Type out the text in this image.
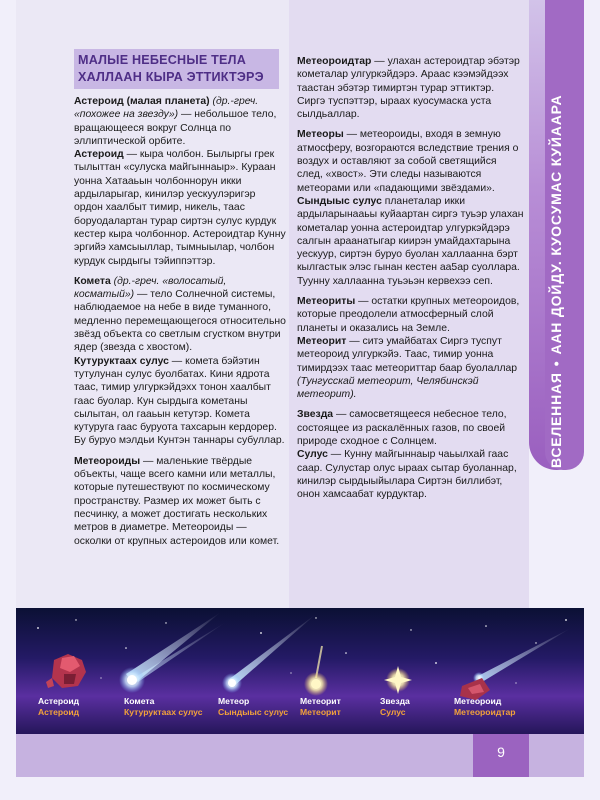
ВСЕЛЕННАЯ•ААН ДОЙДУ. КУОСУМАС КУЙААРА
МАЛЫЕ НЕБЕСНЫЕ ТЕЛА
ХАЛЛААН КЫРА ЭТТИКТЭРЭ

Астероид (малая планета) (др.-греч. «похожее на звезду») — небольшое тело, вращающееся вокруг Солнца по эллиптической орбите.

Астероид — кыра чолбон. Былыргы грек тылыттан «сулуска майгыннаыр». Кураан уонна Хатааьын чолбоннорун икки ардыларыгар, кинилэр уескуулэригэр ордон хаалбыт тимир, никель, таас боруодалартан турар сиртэн сулус курдук кестер кыра чолбоннор. Астероидтар Кунну эргийэ хамсыыллар, тымныылар, чолбон курдук сырдыгы тэйиппэттэр.

Комета (др.-греч. «волосатый, косматый») — тело Солнечной системы, наблюдаемое на небе в виде туманного, медленно перемещающегося относительно звёзд объекта со светлым сгустком внутри ядер (звезда с хвостом).

Кутуруктаах сулус — комета бэйэтин тутулунан сулус буолбатах. Кини ядрота таас, тимир улгуркэйдэхх тонон хаалбыт гаас буолар. Кун сырдыга кометаны сылытан, ол гааьын кетутэр. Комета кутуруга гаас буруота тахсарын кердорер. Бу буруо мэлдьи Кунтэн таннары субуллар.

Метеороиды — маленькие твёрдые объекты, чаще всего камни или металлы, которые путешествуют по космическому пространству. Размер их может быть с песчинку, а может достигать нескольких метров в диаметре. Метеороиды — осколки от крупных астероидов или комет.

Метеороидтар — улахан астероидтар эбэтэр кометалар улгуркэйдэрэ. Араас кээмэйдээх таастан эбэтэр тимиртэн турар эттиктэр. Сиргэ туспэттэр, ыраах куосумаска уста сылдьаллар.

Метеоры — метеороиды, входя в земную атмосферу, возгораются вследствие трения о воздух и оставляют за собой светящийся след, «хвост». Эти следы называются метеорами или «падающими звёздами».

Сындыыс сулус планеталар икки ардыларынааьы куйаартан сиргэ туьэр улахан кометалар уонна астероидтар улгуркэйдэрэ салгын араанатыгар киирэн умайдахтарына уескуур, сиртэн буруо буолан халлаанна бэрт кылгастык элэс гынан кестен аа5ар суоллара. Туунну халлаанна туьэьэн кервехээ сеп.

Метеориты — остатки крупных метеороидов, которые преодолели атмосферный слой планеты и оказались на Земле.

Метеорит — ситэ умайбатах Сиргэ туспут метеороид улгуркэйэ. Таас, тимир уонна тимирдээх таас метеориттар баар буолаллар (Тунгусскай метеорит, Челябинскэй метеорит).

Звезда — самосветящееся небесное тело, состоящее из раскалённых газов, по своей природе сходное с Солнцем.

Сулус — Кунну майгыннаыр чаьылхай гаас саар. Сулустар олус ыраах сытар буоланнар, кинилэр сырдыыйылара Сиртэн биллибэт, онон хамсаабат курдуктар.

Астероид
Астероид
Комета
Кутуруктаах сулус
Метеор
Сындыыс сулус
Метеорит
Метеорит
Звезда
Сулус
Метеороид
Метеороидтар
9
